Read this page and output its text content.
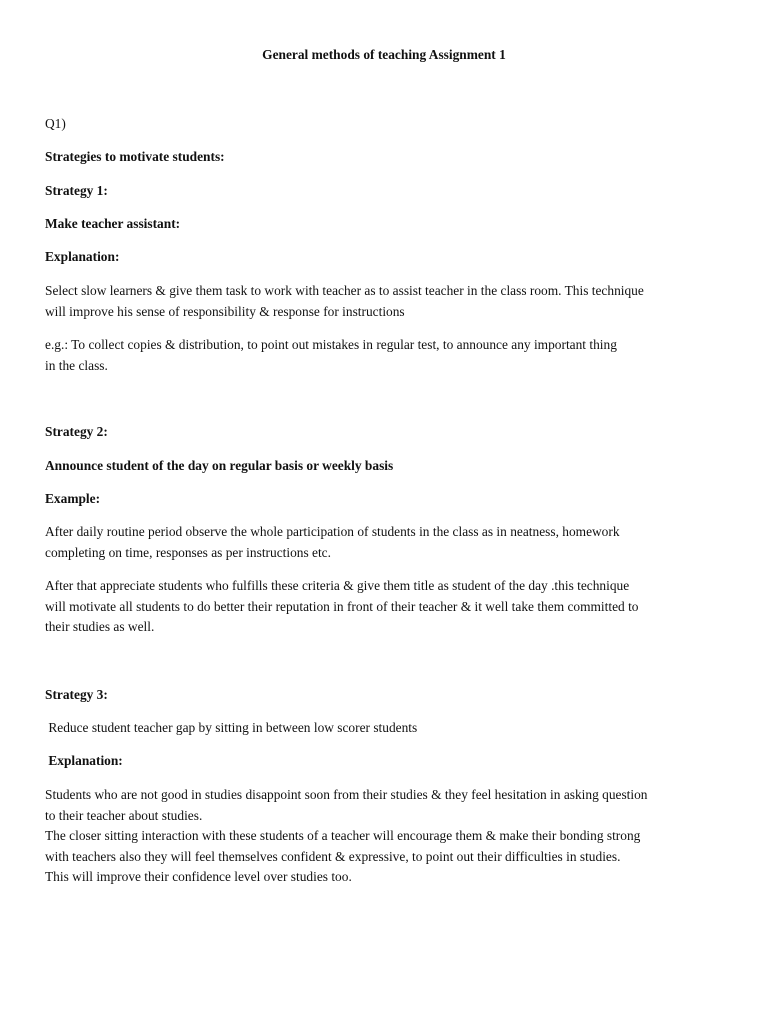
General methods of teaching Assignment 1
Q1)
Strategies to motivate students:
Strategy 1:
Make teacher assistant:
Explanation:
Select slow learners & give them task to work with teacher as to assist teacher in the class room. This technique
will improve his sense of responsibility & response for instructions
e.g.: To collect copies & distribution, to point out mistakes in regular test, to announce any important thing
in the class.
Strategy 2:
Announce student of the day on regular basis or weekly basis
Example:
After daily routine period observe the whole participation of students in the class as in neatness, homework
completing on time, responses as per instructions etc.
After that appreciate students who fulfills these criteria & give them title as student of the day .this technique
will motivate all students to do better their reputation in front of their teacher & it well take them committed to
their studies as well.
Strategy 3:
Reduce student teacher gap by sitting in between low scorer students
Explanation:
Students who are not good in studies disappoint soon from their studies & they feel hesitation in asking question
to their teacher about studies.
The closer sitting interaction with these students of a teacher will encourage them & make their bonding strong
with teachers also they will feel themselves confident & expressive, to point out their difficulties in studies.
This will improve their confidence level over studies too.
